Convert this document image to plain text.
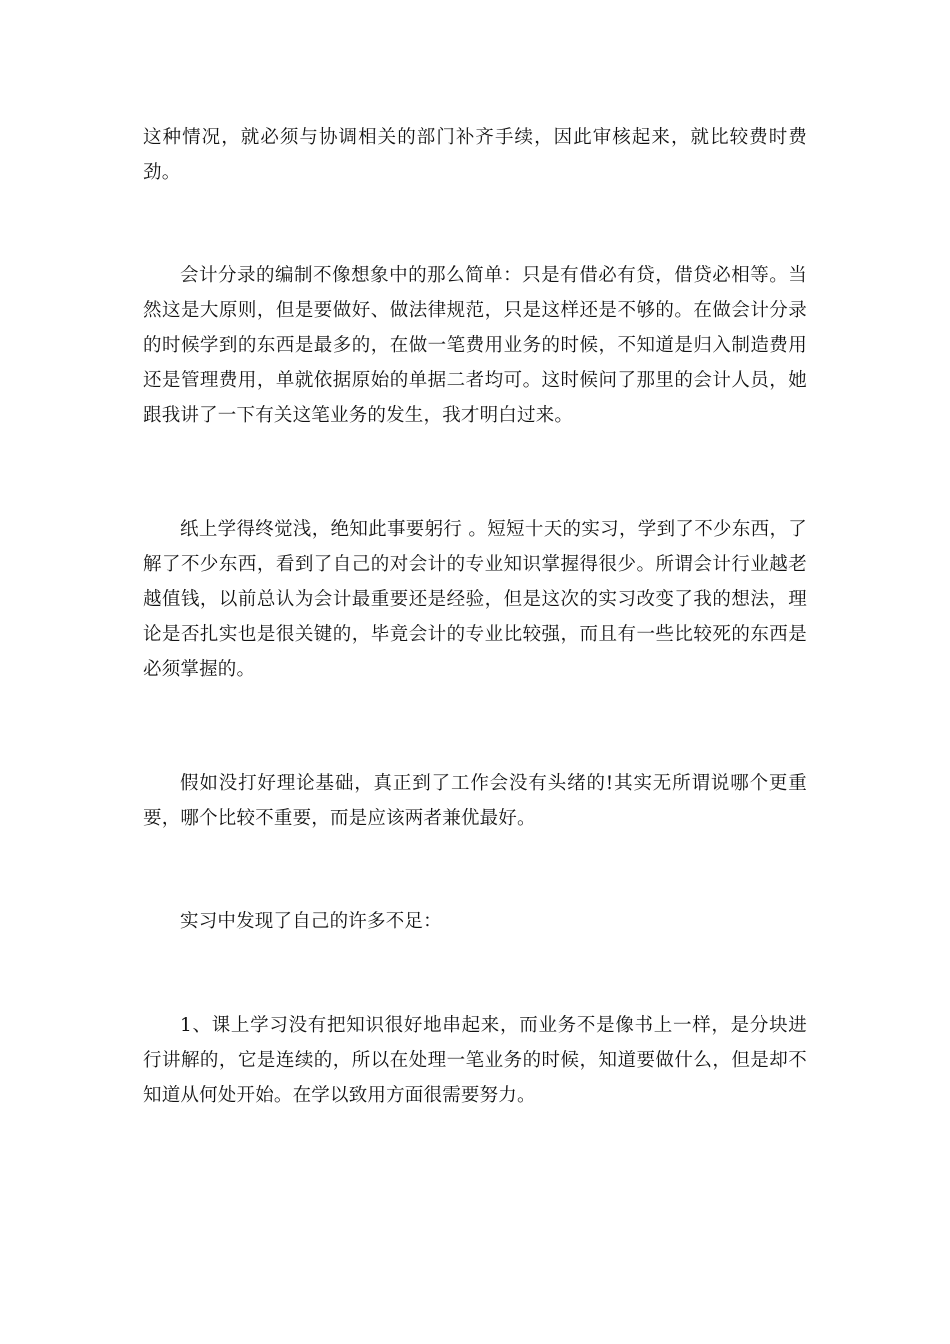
这种情况，就必须与协调相关的部门补齐手续，因此审核起来，就比较费时费劲。

会计分录的编制不像想象中的那么简单：只是有借必有贷，借贷必相等。当然这是大原则，但是要做好、做法律规范，只是这样还是不够的。在做会计分录的时候学到的东西是最多的，在做一笔费用业务的时候，不知道是归入制造费用还是管理费用，单就依据原始的单据二者均可。这时候问了那里的会计人员，她跟我讲了一下有关这笔业务的发生，我才明白过来。

纸上学得终觉浅，绝知此事要躬行 。短短十天的实习，学到了不少东西，了解了不少东西，看到了自己的对会计的专业知识掌握得很少。所谓会计行业越老越值钱，以前总认为会计最重要还是经验，但是这次的实习改变了我的想法，理论是否扎实也是很关键的，毕竟会计的专业比较强，而且有一些比较死的东西是必须掌握的。

假如没打好理论基础，真正到了工作会没有头绪的!其实无所谓说哪个更重要，哪个比较不重要，而是应该两者兼优最好。

实习中发现了自己的许多不足：

1、课上学习没有把知识很好地串起来，而业务不是像书上一样，是分块进行讲解的，它是连续的，所以在处理一笔业务的时候，知道要做什么，但是却不知道从何处开始。在学以致用方面很需要努力。
